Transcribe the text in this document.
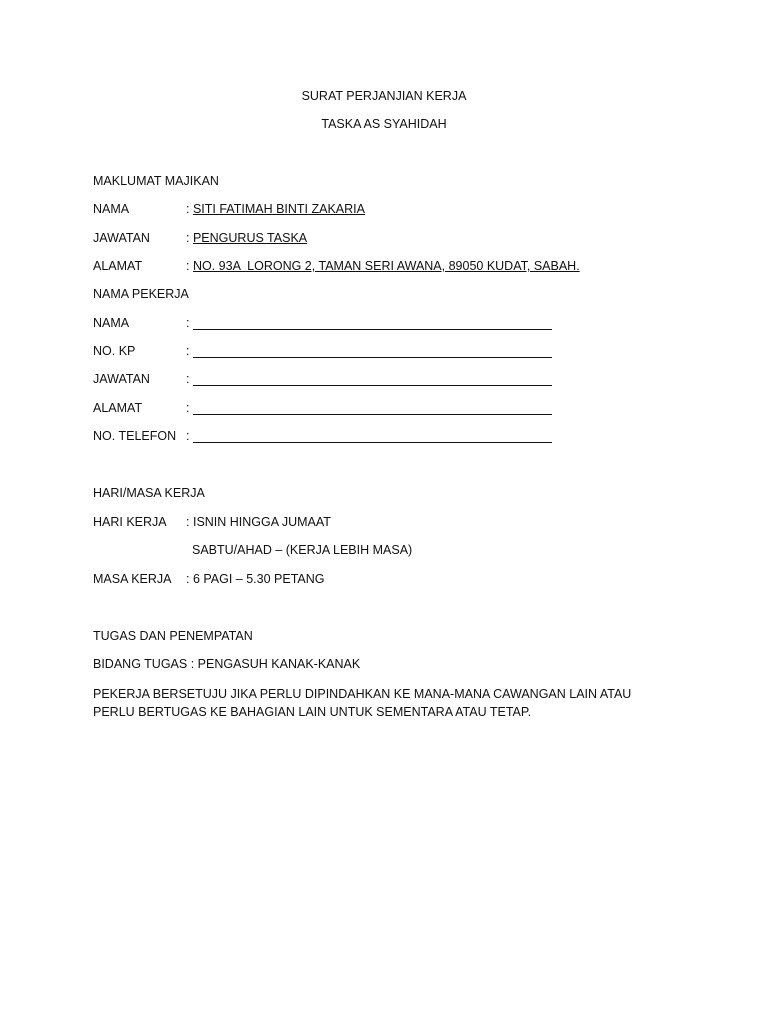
SURAT PERJANJIAN KERJA
TASKA AS SYAHIDAH
MAKLUMAT MAJIKAN
NAMA	: SITI FATIMAH BINTI ZAKARIA
JAWATAN	: PENGURUS TASKA
ALAMAT	: NO. 93A  LORONG 2, TAMAN SERI AWANA, 89050 KUDAT, SABAH.
NAMA PEKERJA
NAMA	:
NO. KP	:
JAWATAN	:
ALAMAT	:
NO. TELEFON :
HARI/MASA KERJA
HARI KERJA : ISNIN HINGGA JUMAAT
SABTU/AHAD – (KERJA LEBIH MASA)
MASA KERJA : 6 PAGI – 5.30 PETANG
TUGAS DAN PENEMPATAN
BIDANG TUGAS : PENGASUH KANAK-KANAK
PEKERJA BERSETUJU JIKA PERLU DIPINDAHKAN KE MANA-MANA CAWANGAN LAIN ATAU PERLU BERTUGAS KE BAHAGIAN LAIN UNTUK SEMENTARA ATAU TETAP.
